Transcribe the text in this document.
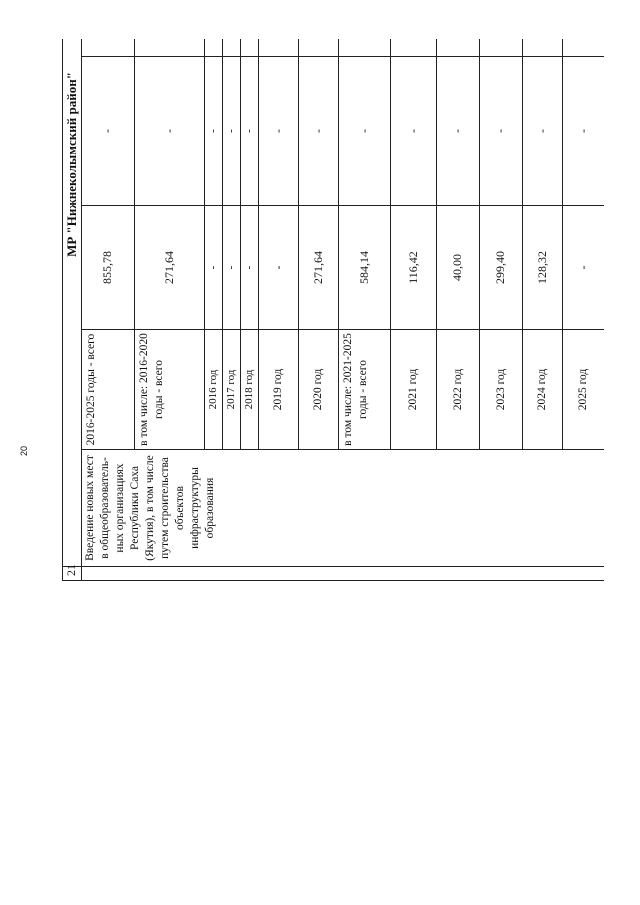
20
21	МР "Нижнеколымский район"					
	Введение новых мест в общеобразователь-ных организациях Республики Саха (Якутия), в том числе путем строительства объектов инфраструктуры образования	2016-2025 годы - всего	855,78	-		
		в том числе: 2016-2020 годы - всего	271,64	-		
		2016 год	-	-		
		2017 год	-	-		
		2018 год	-	-		
		2019 год	-	-		
		2020 год	271,64	-		
		в том числе: 2021-2025 годы - всего	584,14	-		
		2021 год	116,42	-		
		2022 год	40,00	-		
		2023 год	299,40	-		
		2024 год	128,32	-		
		2025 год	-	-		
